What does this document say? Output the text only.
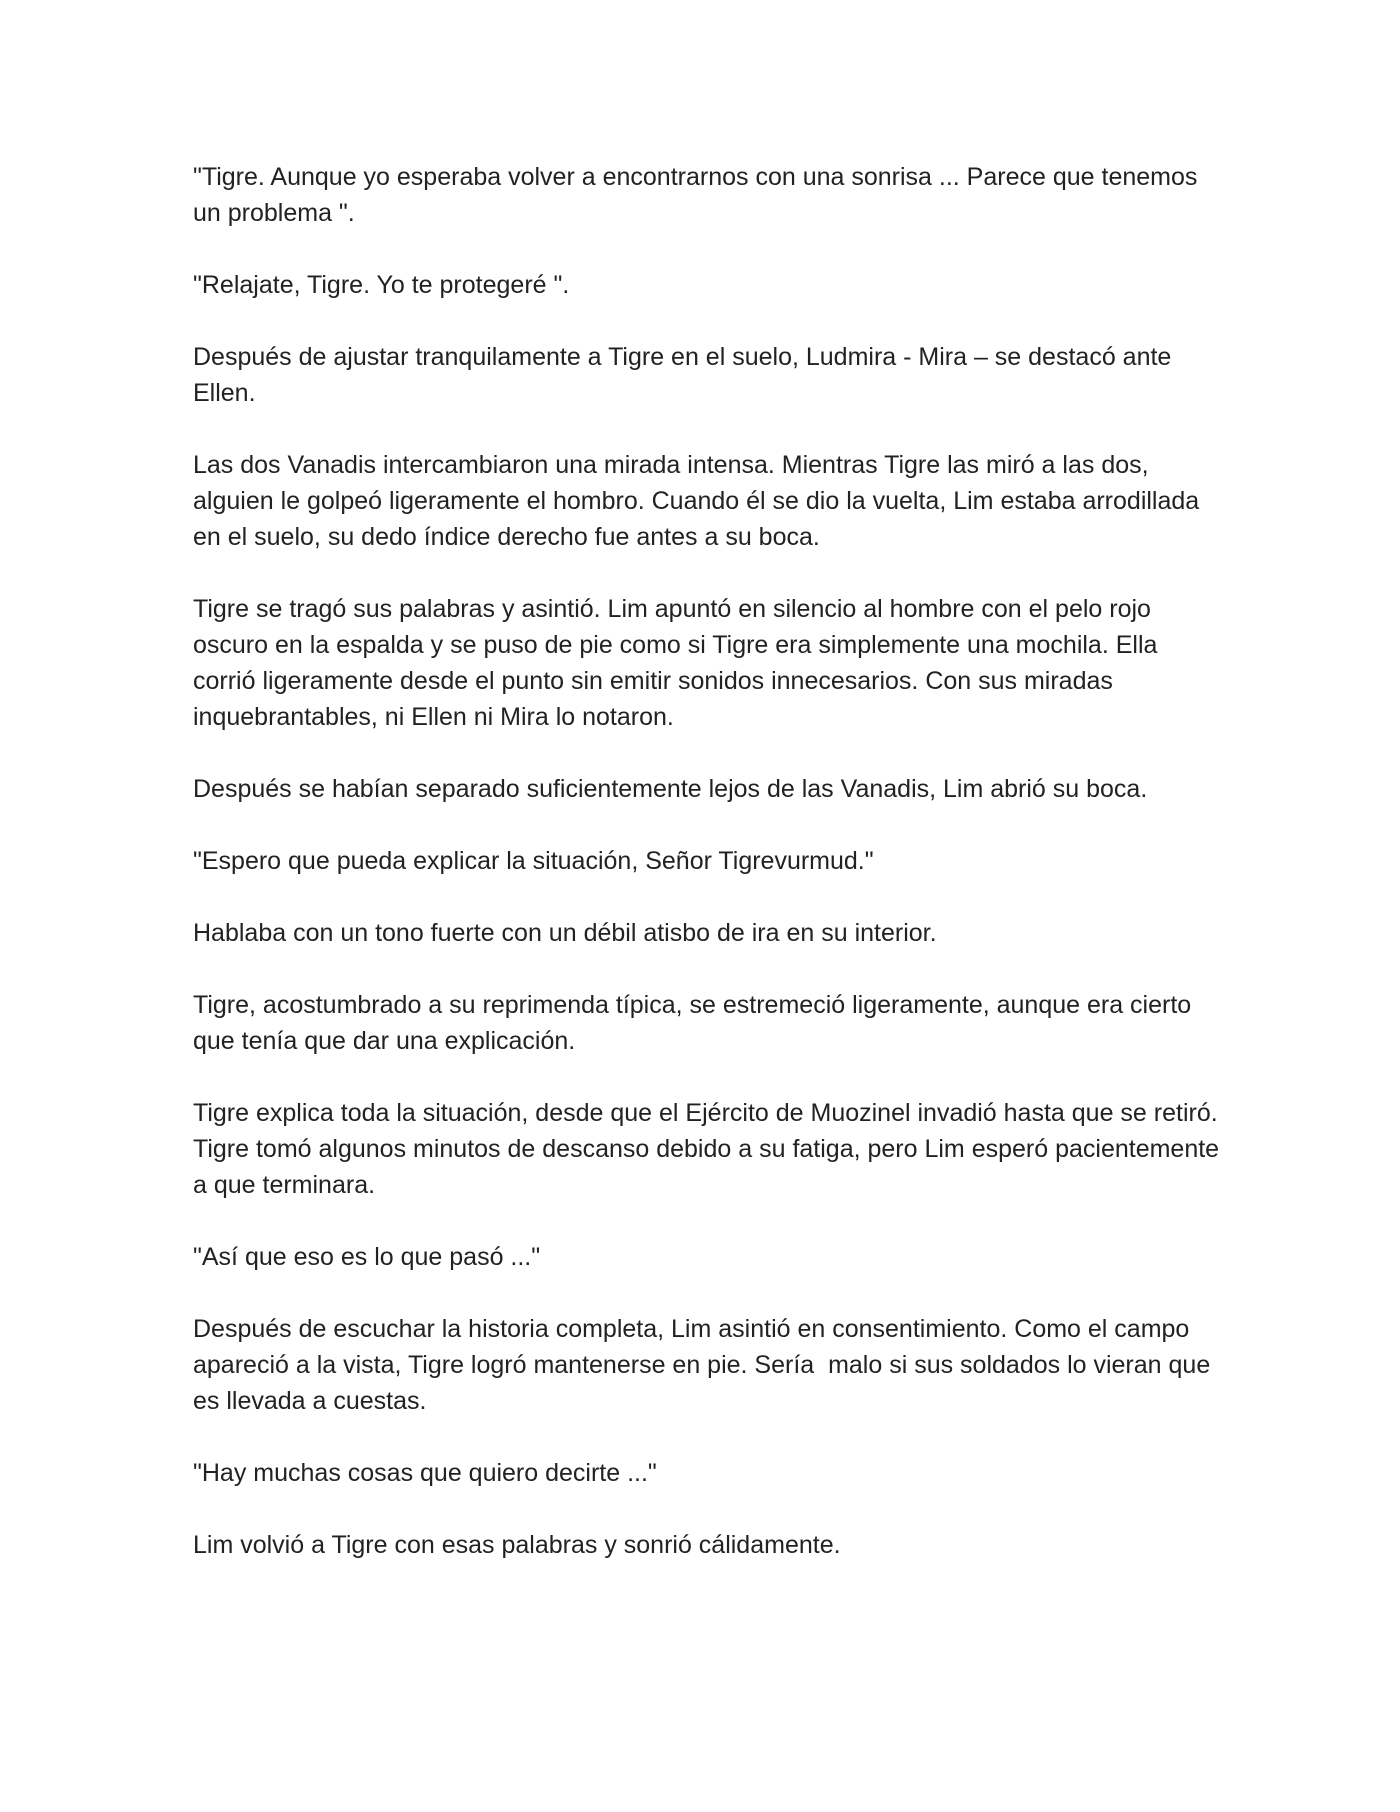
"Tigre. Aunque yo esperaba volver a encontrarnos con una sonrisa ... Parece que tenemos un problema ".

"Relajate, Tigre. Yo te protegeré ".

Después de ajustar tranquilamente a Tigre en el suelo, Ludmira - Mira – se destacó ante Ellen.

Las dos Vanadis intercambiaron una mirada intensa. Mientras Tigre las miró a las dos, alguien le golpeó ligeramente el hombro. Cuando él se dio la vuelta, Lim estaba arrodillada en el suelo, su dedo índice derecho fue antes a su boca.

Tigre se tragó sus palabras y asintió. Lim apuntó en silencio al hombre con el pelo rojo oscuro en la espalda y se puso de pie como si Tigre era simplemente una mochila. Ella corrió ligeramente desde el punto sin emitir sonidos innecesarios. Con sus miradas inquebrantables, ni Ellen ni Mira lo notaron.

Después se habían separado suficientemente lejos de las Vanadis, Lim abrió su boca.

"Espero que pueda explicar la situación, Señor Tigrevurmud."

Hablaba con un tono fuerte con un débil atisbo de ira en su interior.

Tigre, acostumbrado a su reprimenda típica, se estremeció ligeramente, aunque era cierto que tenía que dar una explicación.

Tigre explica toda la situación, desde que el Ejército de Muozinel invadió hasta que se retiró. Tigre tomó algunos minutos de descanso debido a su fatiga, pero Lim esperó pacientemente a que terminara.

"Así que eso es lo que pasó ..."

Después de escuchar la historia completa, Lim asintió en consentimiento. Como el campo apareció a la vista, Tigre logró mantenerse en pie. Sería  malo si sus soldados lo vieran que es llevada a cuestas.

"Hay muchas cosas que quiero decirte ..."

Lim volvió a Tigre con esas palabras y sonrió cálidamente.
